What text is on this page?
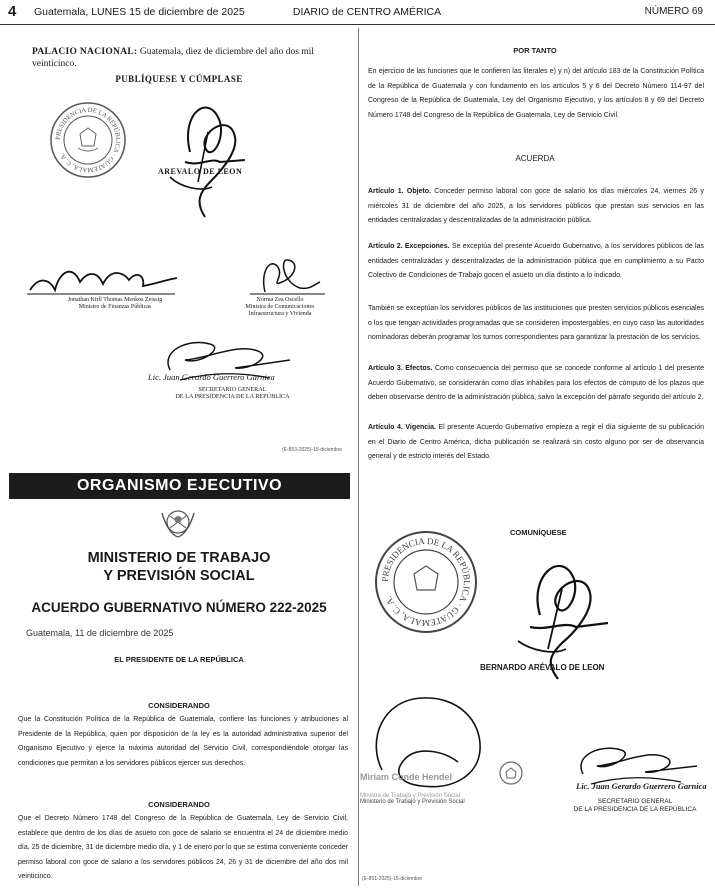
4 Guatemala, LUNES 15 de diciembre de 2025	DIARIO de CENTRO AMÉRICA	NÚMERO 69
PALACIO NACIONAL: Guatemala, diez de diciembre del año dos mil veinticinco.
PUBLÍQUESE Y CÚMPLASE
PRESIDENCIA DE LA REPÚBLICA · GUATEMALA, C. A.
AREVALO DE LEON
Jonathan Kirll Thomas Menkos Zeissig
Ministro de Finanzas Públicas
Norma Zea Oscello
Ministra de Comunicaciones
Infraestructura y Vivienda
Lic. Juan Gerardo Guerrero Garnica
SECRETARIO GENERAL
DE LA PRESIDENCIA DE LA REPÚBLICA
(E-853-2025)-15-diciembre
ORGANISMO EJECUTIVO
MINISTERIO DE TRABAJO
Y PREVISIÓN SOCIAL
ACUERDO GUBERNATIVO NÚMERO 222-2025
Guatemala, 11 de diciembre de 2025
EL PRESIDENTE DE LA REPÚBLICA
CONSIDERANDO
Que la Constitución Política de la República de Guatemala, confiere las funciones y atribuciones al Presidente de la República, quien por disposición de la ley es la autoridad administrativa superior del Organismo Ejecutivo y ejerce la máxima autoridad del Servicio Civil, correspondiéndole otorgar las condiciones que permitan a los servidores públicos ejercer sus derechos.
CONSIDERANDO
Que el Decreto Número 1748 del Congreso de la República de Guatemala, Ley de Servicio Civil, establece que dentro de los días de asueto con goce de salario se encuentra el 24 de diciembre medio día, 25 de diciembre, 31 de diciembre medio día, y 1 de enero por lo que se estima conveniente conceder permiso laboral con goce de salario a los servidores públicos 24, 26 y 31 de diciembre del año dos mil veinticinco.
POR TANTO
En ejercicio de las funciones que le confieren las literales e) y n) del artículo 183 de la Constitución Política de la República de Guatemala y con fundamento en los artículos 5 y 6 del Decreto Número 114-97 del Congreso de la República de Guatemala, Ley del Organismo Ejecutivo, y los artículos 8 y 69 del Decreto Número 1748 del Congreso de la República de Guatemala, Ley de Servicio Civil.
ACUERDA
Artículo 1. Objeto. Conceder permiso laboral con goce de salario los días miércoles 24, viernes 26 y miércoles 31 de diciembre del año 2025, a los servidores públicos que prestan sus servicios en las entidades centralizadas y descentralizadas de la administración pública.
Artículo 2. Excepciones. Se exceptúa del presente Acuerdo Gubernativo, a los servidores públicos de las entidades centralizadas y descentralizadas de la administración pública que en cumplimiento a su Pacto Colectivo de Condiciones de Trabajo gocen el asueto un día distinto a lo indicado.
También se exceptúan los servidores públicos de las instituciones que presten servicios públicos esenciales o los que tengan actividades programadas que se consideren impostergables, en cuyo caso las autoridades nominadoras deberán programar los turnos correspondientes para garantizar la prestación de los servicios.
Artículo 3. Efectos. Como consecuencia del permiso que se concede conforme al artículo 1 del presente Acuerdo Gubernativo, se considerarán como días inhábiles para los efectos de cómputo de los plazos que deben observarse dentro de la administración pública, salvo la excepción del párrafo segundo del artículo 2.
Artículo 4. Vigencia. El presente Acuerdo Gubernativo empieza a regir el día siguiente de su publicación en el Diario de Centro América, dicha publicación se realizará sin costo alguno por ser de observancia general y de estricto interés del Estado.
PRESIDENCIA DE LA REPÚBLICA · GUATEMALA, C. A.
COMUNÍQUESE
BERNARDO ARÉVALO DE LEON
Miriam Conde Hendel
Ministra de Trabajo y Previsión Social
Ministerio de Trabajo y Previsión Social
Lic. Juan Gerardo Guerrero Garnica
SECRETARIO GENERAL
DE LA PRESIDENCIA DE LA REPÚBLICA
(E-851-2025)-15-diciembre
